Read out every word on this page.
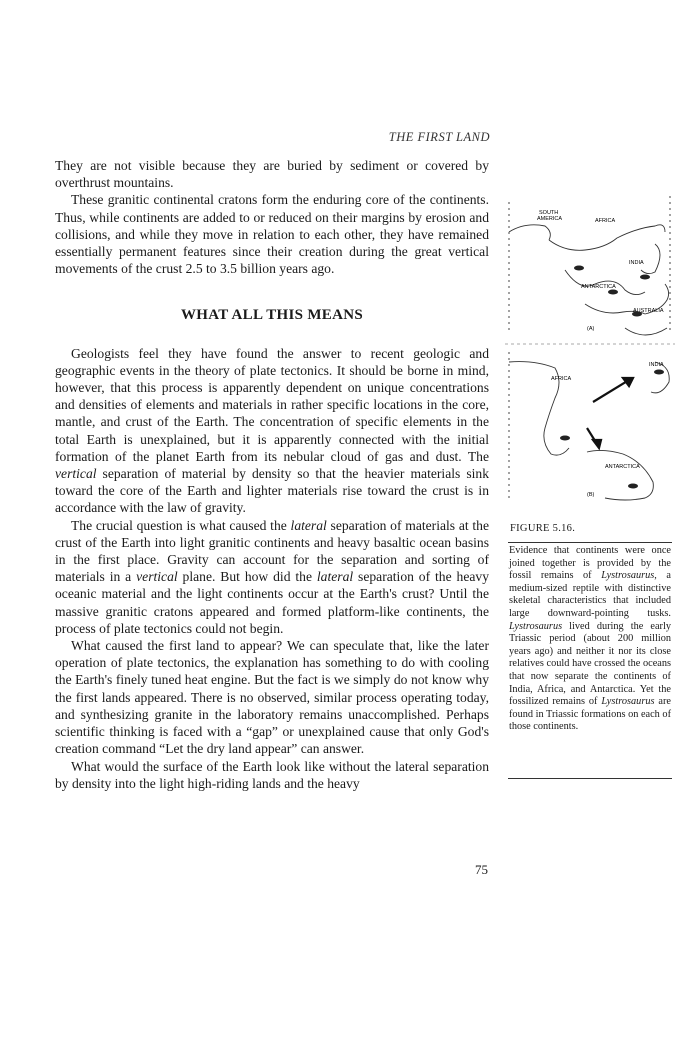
THE FIRST LAND

They are not visible because they are buried by sediment or covered by overthrust mountains.

These granitic continental cratons form the enduring core of the continents. Thus, while continents are added to or reduced on their margins by erosion and collisions, and while they move in relation to each other, they have remained essentially permanent features since their creation during the great vertical movements of the crust 2.5 to 3.5 billion years ago.

WHAT ALL THIS MEANS

Geologists feel they have found the answer to recent geologic and geographic events in the theory of plate tectonics. It should be borne in mind, however, that this process is apparently dependent on unique concentrations and densities of elements and materials in rather specific locations in the core, mantle, and crust of the Earth. The concentration of specific elements in the total Earth is unexplained, but it is apparently connected with the initial formation of the planet Earth from its nebular cloud of gas and dust. The vertical separation of material by density so that the heavier materials sink toward the core of the Earth and lighter materials rise toward the crust is in accordance with the law of gravity.

The crucial question is what caused the lateral separation of materials at the crust of the Earth into light granitic continents and heavy basaltic ocean basins in the first place. Gravity can account for the separation and sorting of materials in a vertical plane. But how did the lateral separation of the heavy oceanic material and the light continents occur at the Earth's crust? Until the massive granitic cratons appeared and formed platform-like continents, the process of plate tectonics could not begin.

What caused the first land to appear? We can speculate that, like the later operation of plate tectonics, the explanation has something to do with cooling the Earth's finely tuned heat engine. But the fact is we simply do not know why the first lands appeared. There is no observed, similar process operating today, and synthesizing granite in the laboratory remains unaccomplished. Perhaps scientific thinking is faced with a “gap” or unexplained cause that only God's creation command “Let the dry land appear” can answer.

What would the surface of the Earth look like without the lateral separation by density into the light high-riding lands and the heavy

75
SOUTH
AMERICA	AFRICA
INDIA
ANTARCTICA
AUSTRALIA
(A)
AFRICA
INDIA
ANTARCTICA
(B)
FIGURE 5.16.
Evidence that continents were once joined together is provided by the fossil remains of Lystrosaurus, a medium-sized reptile with distinctive skeletal characteristics that included large downward-pointing tusks. Lystrosaurus lived during the early Triassic period (about 200 million years ago) and neither it nor its close relatives could have crossed the oceans that now separate the continents of India, Africa, and Antarctica. Yet the fossilized remains of Lystrosaurus are found in Triassic formations on each of those continents.
